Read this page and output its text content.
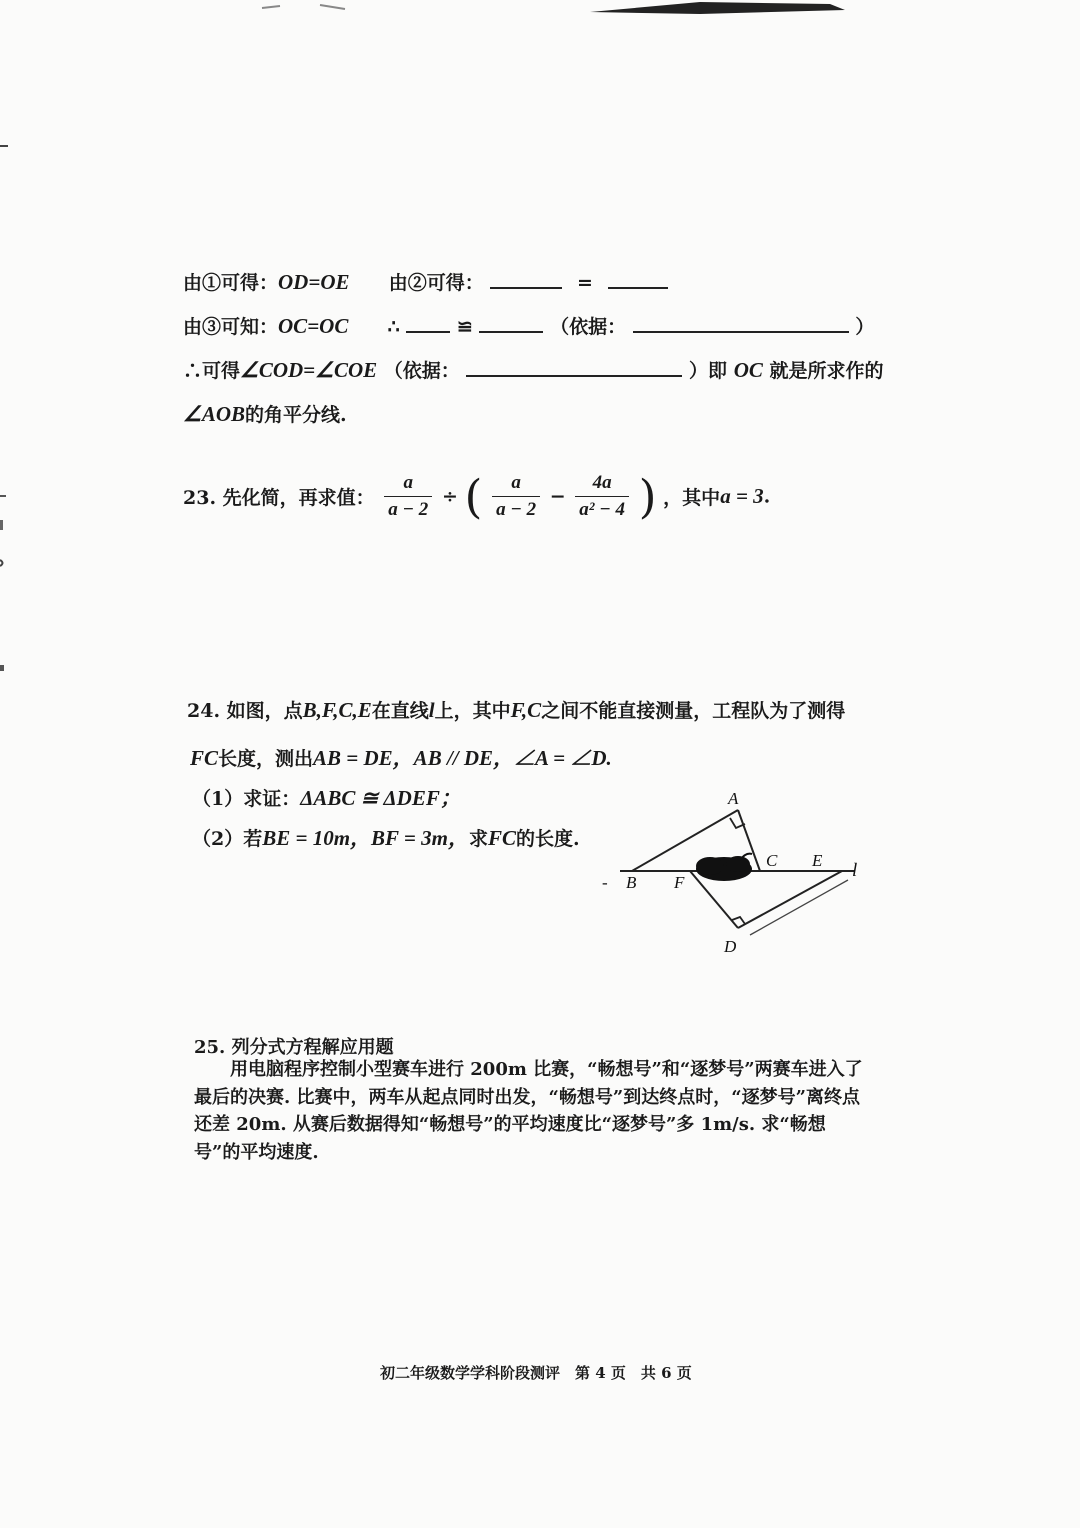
由①可得：OD=OE 由②可得：	=
由③可知：OC=OC ∴	≌	（依据：	）
∴可得∠COD=∠COE （依据：	）即 OC 就是所求作的
∠AOB的角平分线.
23. 先化简，再求值： $\frac{a}{a - 2}$ ÷ ( $\frac{a}{a - 2} - \frac{4a}{\text{a² − 4}}$ ) ，其中a = 3.
24. 如图，点B,F,C,E在直线l上，其中F,C之间不能直接测量，工程队为了测得
FC长度，测出AB = DE，AB // DE，∠A = ∠D.
（1）求证：ΔABC ≅ ΔDEF；
（2）若BE = 10m，BF = 3m，求FC的长度.
A
B
-	F
C E l
D
25. 列分式方程解应用题
用电脑程序控制小型赛车进行 200m 比赛，“畅想号”和“逐梦号”两赛车进入了最后的决赛. 比赛中，两车从起点同时出发，“畅想号”到达终点时，“逐梦号”离终点还差 20m. 从赛后数据得知“畅想号”的平均速度比“逐梦号”多 1m/s. 求“畅想号”的平均速度.
初二年级数学学科阶段测评　第 4 页　共 6 页
